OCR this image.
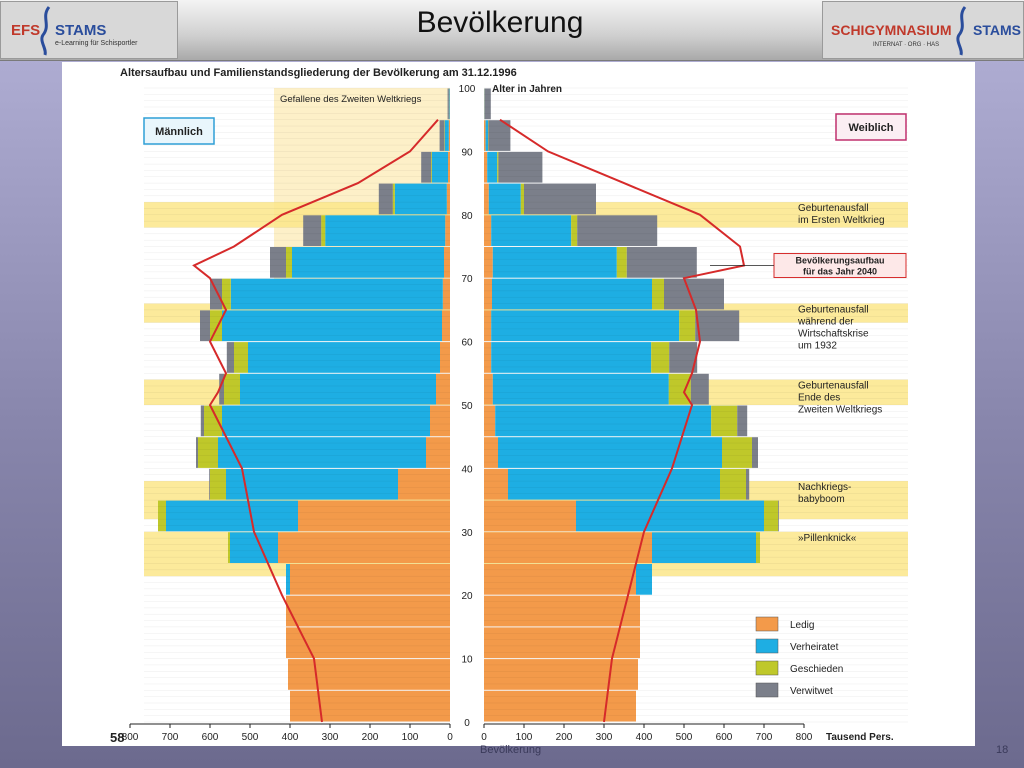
EFS STAMS
e-Learning für Schisportler
Bevölkerung	SCHIGYMNASIUM STAMS
INTERNAT · ORG · HAS
0
10
20
30
40
50
60
70
80
90
100
800 700 600 500 400 300 200 100	0	0	100 200 300 400 500 600 700 800
Altersaufbau und Familienstandsgliederung der Bevölkerung am 31.12.1996
Alter in Jahren
Tausend Pers.
58
Männlich	Weiblich
Gefallene des Zweiten Weltkriegs
Geburtenausfall im Ersten Weltkrieg
Bevölkerungsaufbau für das Jahr 2040
Geburtenausfall während der Wirtschaftskrise um 1932
Geburtenausfall Ende des Zweiten Weltkriegs
Nachkriegs-babyboom
»Pillenknick«
Ledig
Verheiratet
Geschieden
Verwitwet
Bevölkerung	18
